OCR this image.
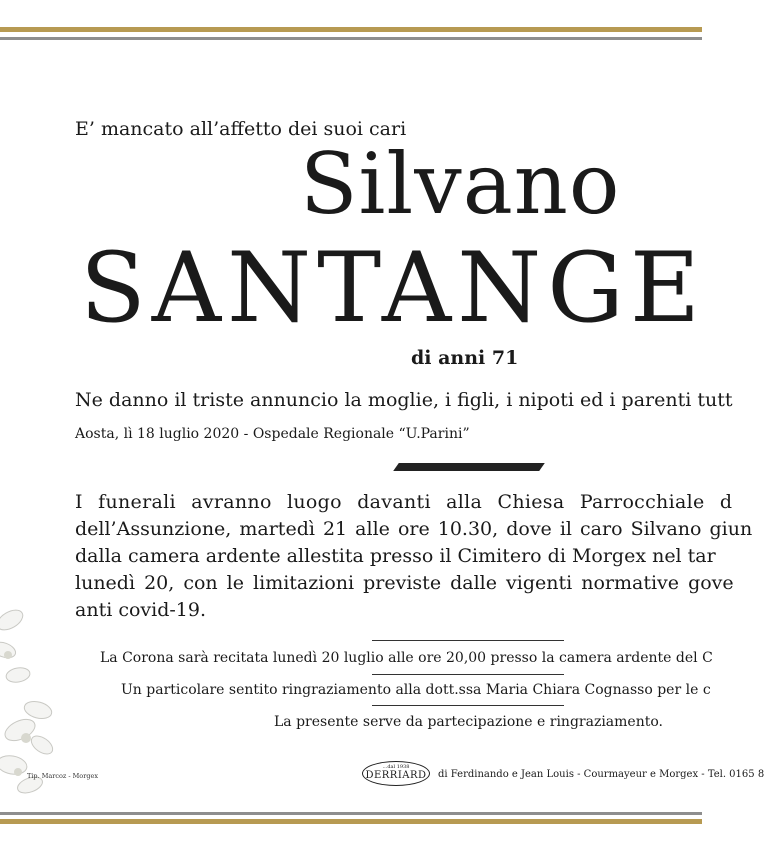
E’ mancato all’affetto dei suoi cari
Silvano
SANTANGE
di anni 71
Ne danno il triste annuncio la moglie, i figli, i nipoti ed i parenti tutt
Aosta, lì 18 luglio 2020 - Ospedale Regionale “U.Parini”
I funerali avranno luogo davanti alla Chiesa Parrocchiale d
dell’Assunzione, martedì 21 alle ore 10.30, dove il caro Silvano giun
dalla camera ardente allestita presso il Cimitero di Morgex nel tar
lunedì 20, con le limitazioni previste dalle vigenti normative gove
anti covid-19.
La Corona sarà recitata lunedì 20 luglio alle ore 20,00 presso la camera ardente del C
Un particolare sentito ringraziamento alla dott.ssa Maria Chiara Cognasso per le c
La presente serve da partecipazione e ringraziamento.
Tip. Marcoz - Morgex
...dal 1938
DERRIARD di Ferdinando e Jean Louis - Courmayeur e Morgex - Tel. 0165 8
